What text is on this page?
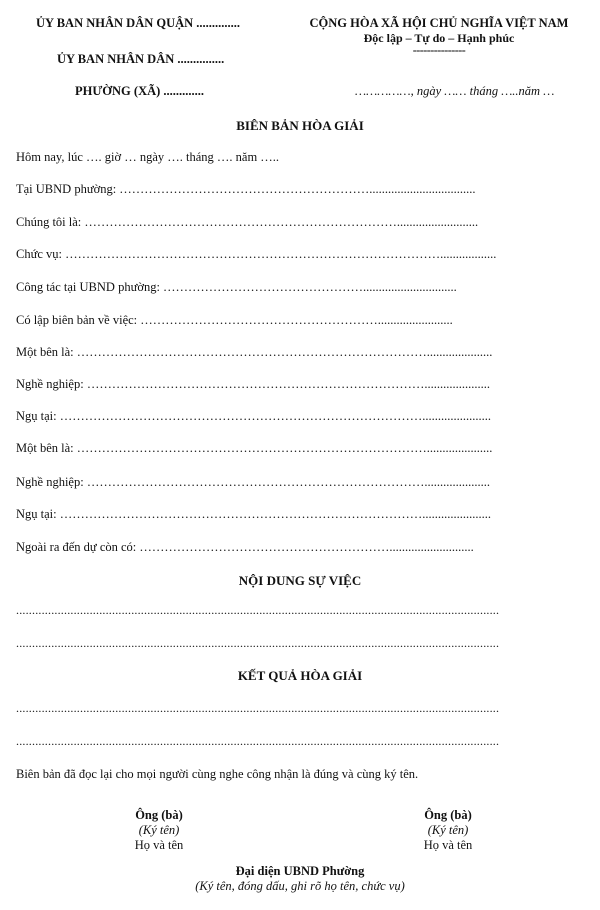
ỦY BAN NHÂN DÂN QUẬN ..............
ỦY BAN NHÂN DÂN ...............
PHƯỜNG (XÃ) .............
CỘNG HÒA XÃ HỘI CHỦ NGHĨA VIỆT NAM
Độc lập – Tự do – Hạnh phúc
---------------
……………, ngày …… tháng …..năm …
BIÊN BẢN HÒA GIẢI
Hôm nay, lúc …. giờ … ngày …. tháng …. năm …..
Tại UBND phường: ……………………………………………………..................................
Chúng tôi là: …………………………………………………………………..........................
Chức vụ: ………………………………………………………………………………..................
Công tác tại UBND phường: …………………………………………..............................
Có lập biên bản về việc: …………………………………………………........................
Một bên là: ………………………………………………………………………….....................
Nghề nghiệp: ……………………………………………………………………….....................
Ngụ tại: ……………………………………………………………………………......................
Một bên là: ………………………………………………………………………….....................
Nghề nghiệp: ……………………………………………………………………….....................
Ngụ tại: ……………………………………………………………………………......................
Ngoài ra đến dự còn có: ……………………………………………………...........................
NỘI DUNG SỰ VIỆC
.......................................................................................................................................................
.......................................................................................................................................................
KẾT QUẢ HÒA GIẢI
.......................................................................................................................................................
.......................................................................................................................................................
Biên bản đã đọc lại cho mọi người cùng nghe công nhận là đúng và cùng ký tên.
Ông (bà)
(Ký tên)
Họ và tên
Ông (bà)
(Ký tên)
Họ và tên
Đại diện UBND Phường
(Ký tên, đóng dấu, ghi rõ họ tên, chức vụ)
